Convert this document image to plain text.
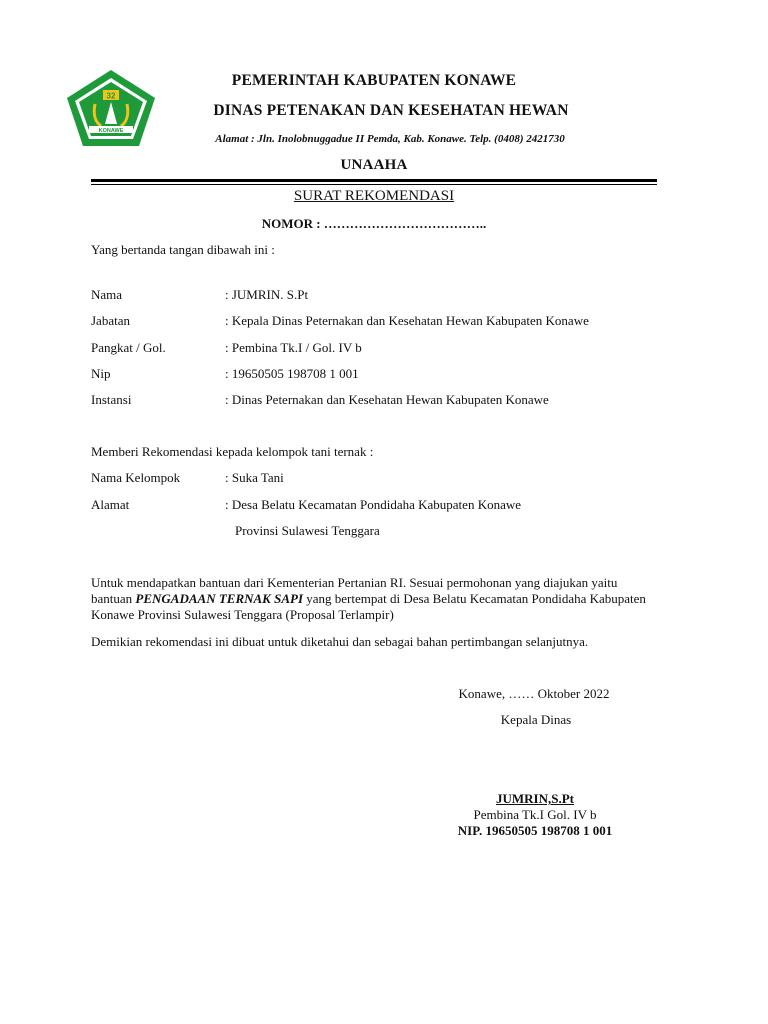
32
KONAWE
PEMERINTAH KABUPATEN KONAWE
DINAS PETENAKAN DAN KESEHATAN HEWAN
Alamat : Jln. Inolobnuggadue II Pemda, Kab. Konawe. Telp. (0408) 2421730
UNAAHA
SURAT REKOMENDASI
NOMOR : ………………………………..
Yang bertanda tangan dibawah ini :
Nama	: JUMRIN. S.Pt
Jabatan	: Kepala Dinas Peternakan dan Kesehatan Hewan Kabupaten Konawe
Pangkat / Gol.	: Pembina Tk.I / Gol. IV b
Nip	: 19650505 198708 1 001
Instansi	: Dinas Peternakan dan Kesehatan Hewan Kabupaten Konawe
Memberi Rekomendasi kepada kelompok tani ternak :
Nama Kelompok	: Suka Tani
Alamat	: Desa Belatu Kecamatan Pondidaha Kabupaten Konawe
Provinsi Sulawesi Tenggara
Untuk mendapatkan bantuan dari Kementerian Pertanian RI. Sesuai permohonan yang diajukan yaitu bantuan PENGADAAN TERNAK SAPI yang bertempat di Desa Belatu Kecamatan Pondidaha Kabupaten Konawe Provinsi Sulawesi Tenggara (Proposal Terlampir)
Demikian rekomendasi ini dibuat untuk diketahui dan sebagai bahan pertimbangan selanjutnya.
Konawe, …… Oktober 2022
Kepala Dinas
JUMRIN,S.Pt
Pembina Tk.I Gol. IV b
NIP. 19650505 198708 1 001
